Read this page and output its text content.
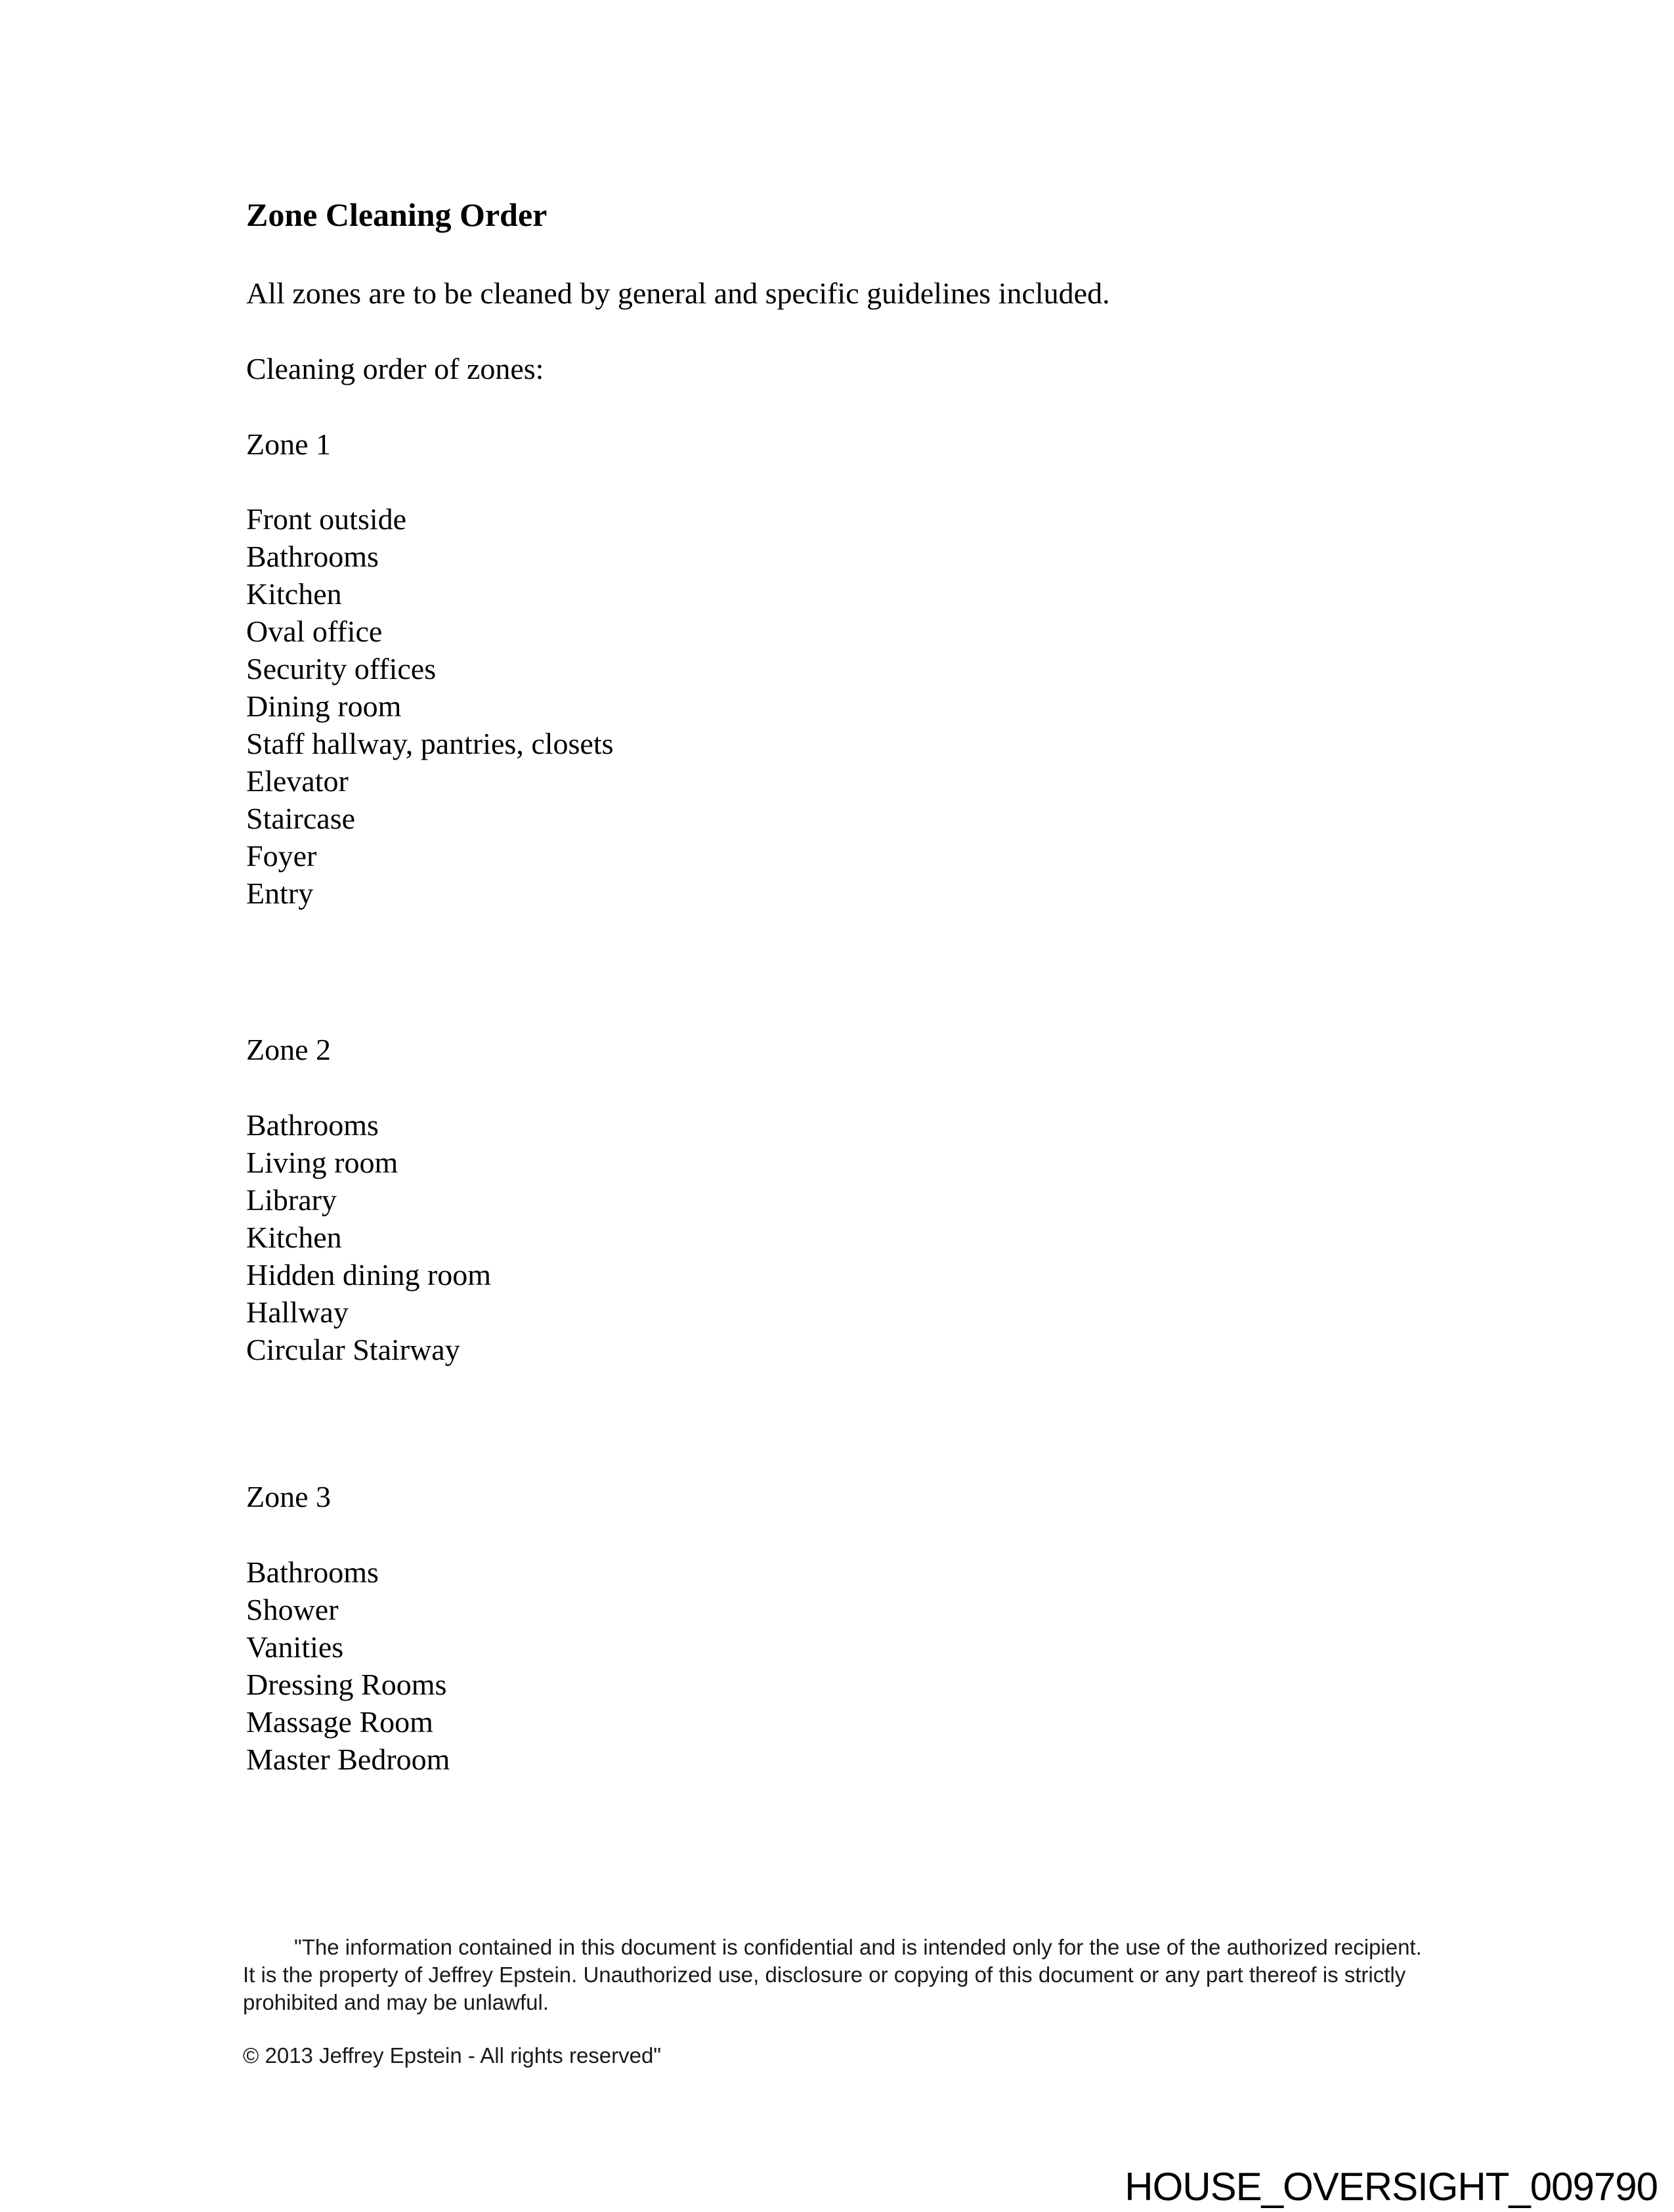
Zone Cleaning Order
All zones are to be cleaned by general and specific guidelines included.
Cleaning order of zones:
Zone 1
Front outside
Bathrooms
Kitchen
Oval office
Security offices
Dining room
Staff hallway, pantries, closets
Elevator
Staircase
Foyer
Entry
Zone 2
Bathrooms
Living room
Library
Kitchen
Hidden dining room
Hallway
Circular Stairway
Zone 3
Bathrooms
Shower
Vanities
Dressing Rooms
Massage Room
Master Bedroom
"The information contained in this document is confidential and is intended only for the use of the authorized recipient.
It is the property of Jeffrey Epstein. Unauthorized use, disclosure or copying of this document or any part thereof is strictly
prohibited and may be unlawful.
© 2013 Jeffrey Epstein - All rights reserved"
HOUSE_OVERSIGHT_009790
